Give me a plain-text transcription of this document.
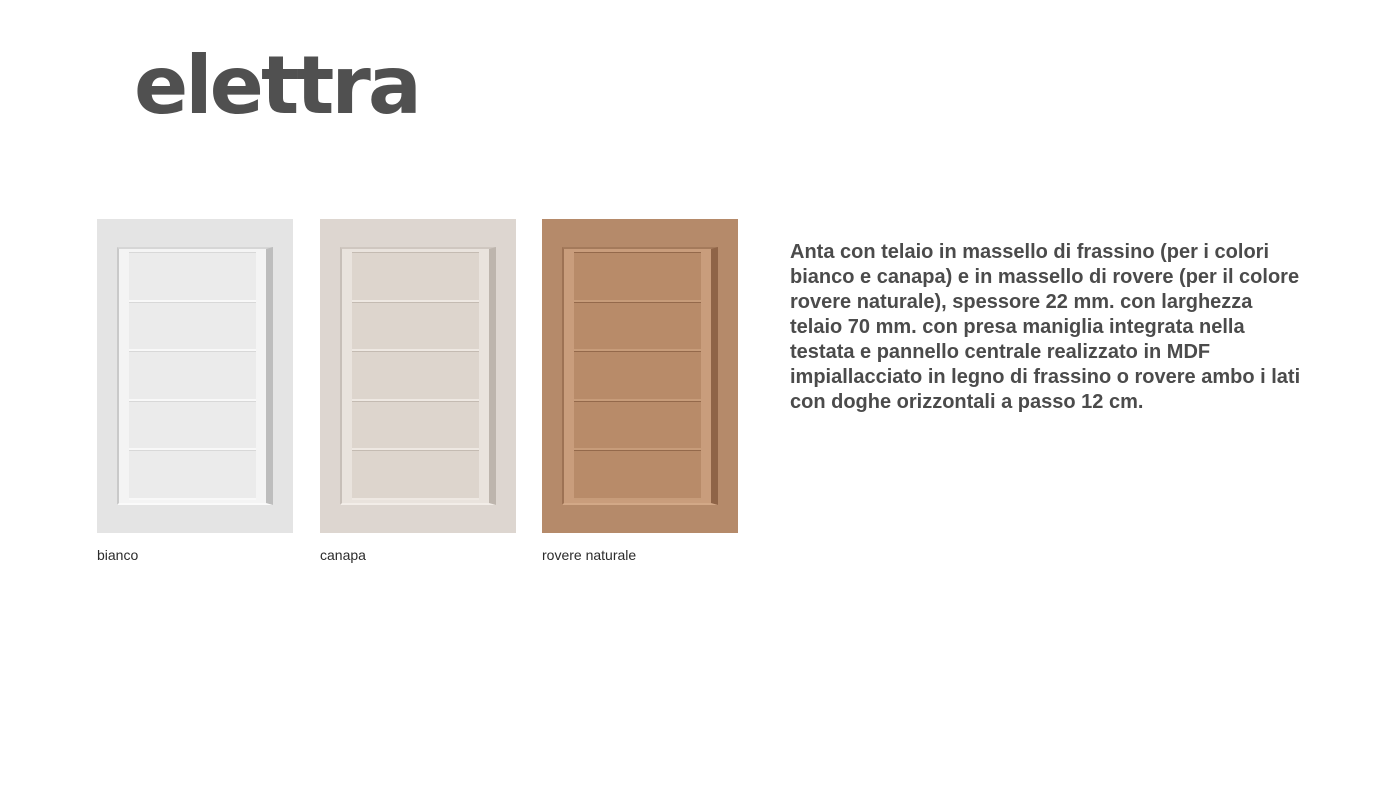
elettra
bianco	canapa	rovere naturale

Anta con telaio in massello di frassino (per i colori bianco e canapa) e in massello di rovere (per il colore rovere naturale), spessore 22 mm. con larghezza telaio 70 mm. con presa maniglia integrata nella testata e pannello centrale realizzato in MDF impiallacciato in legno di frassino o rovere ambo i lati con doghe orizzontali a passo 12 cm.
